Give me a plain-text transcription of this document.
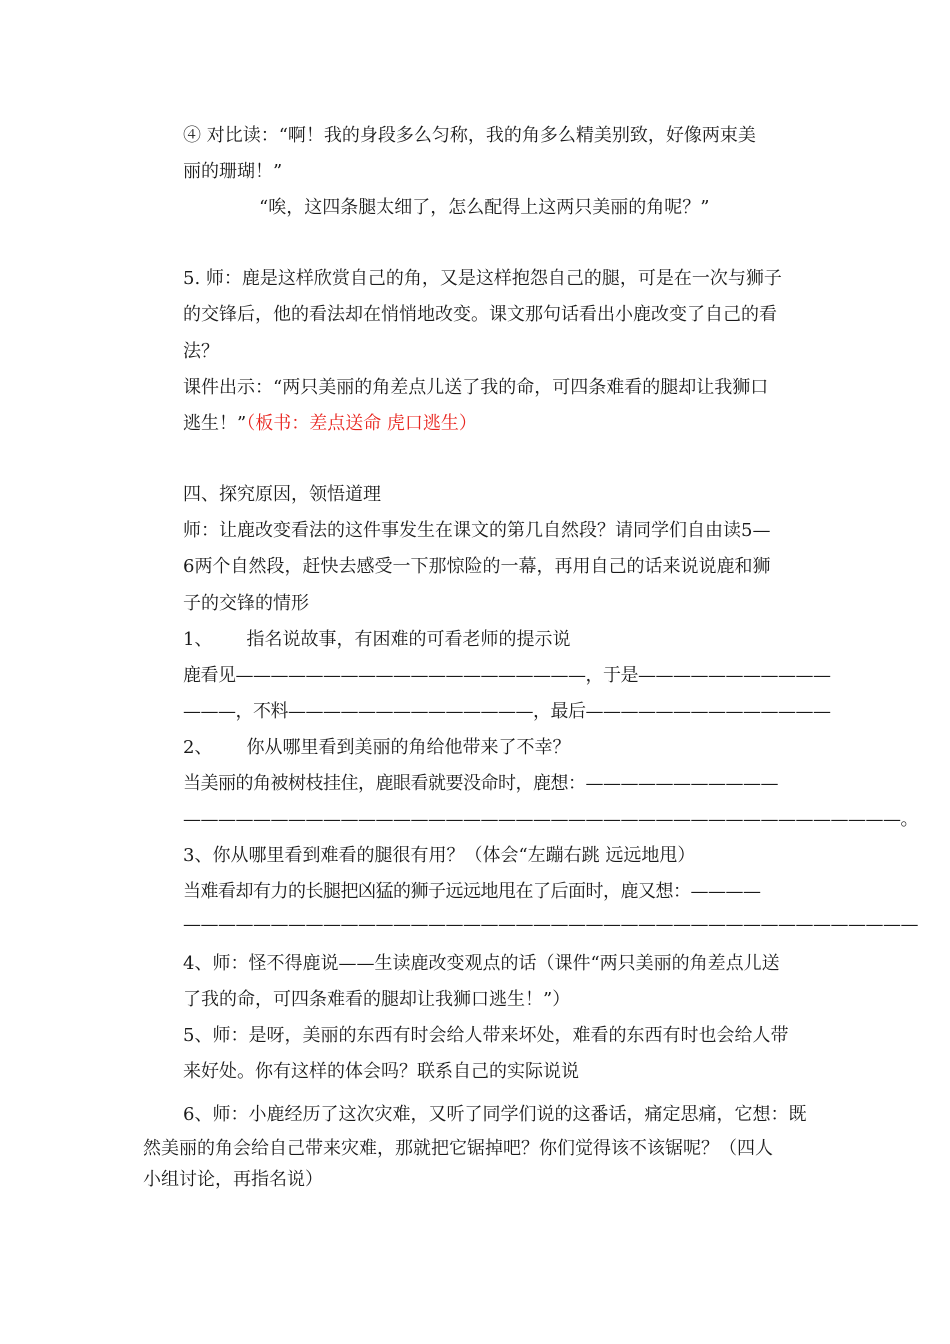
④ 对比读：“啊！我的身段多么匀称，我的角多么精美别致，好像两束美
丽的珊瑚！”
“唉，这四条腿太细了，怎么配得上这两只美丽的角呢？”
5. 师：鹿是这样欣赏自己的角，又是这样抱怨自己的腿，可是在一次与狮子
的交锋后，他的看法却在悄悄地改变。课文那句话看出小鹿改变了自己的看
法？
课件出示：“两只美丽的角差点儿送了我的命，可四条难看的腿却让我狮口
逃生！”（板书：差点送命 虎口逃生）
四、探究原因，领悟道理
师：让鹿改变看法的这件事发生在课文的第几自然段？请同学们自由读5—
6两个自然段，赶快去感受一下那惊险的一幕，再用自己的话来说说鹿和狮
子的交锋的情形
1、 指名说故事，有困难的可看老师的提示说
鹿看见————————————————————，于是———————————
———，不料——————————————，最后——————————————
2、 你从哪里看到美丽的角给他带来了不幸？
当美丽的角被树枝挂住，鹿眼看就要没命时，鹿想：———————————
—————————————————————————————————————————。
3、你从哪里看到难看的腿很有用？（体会“左蹦右跳 远远地甩）
当难看却有力的长腿把凶猛的狮子远远地甩在了后面时，鹿又想：————
——————————————————————————————————————————
4、师：怪不得鹿说——生读鹿改变观点的话（课件“两只美丽的角差点儿送
了我的命，可四条难看的腿却让我狮口逃生！”）
5、师：是呀，美丽的东西有时会给人带来坏处，难看的东西有时也会给人带
来好处。你有这样的体会吗？联系自己的实际说说
6、师：小鹿经历了这次灾难，又听了同学们说的这番话，痛定思痛，它想：既
然美丽的角会给自己带来灾难，那就把它锯掉吧？你们觉得该不该锯呢？（四人
小组讨论，再指名说）
